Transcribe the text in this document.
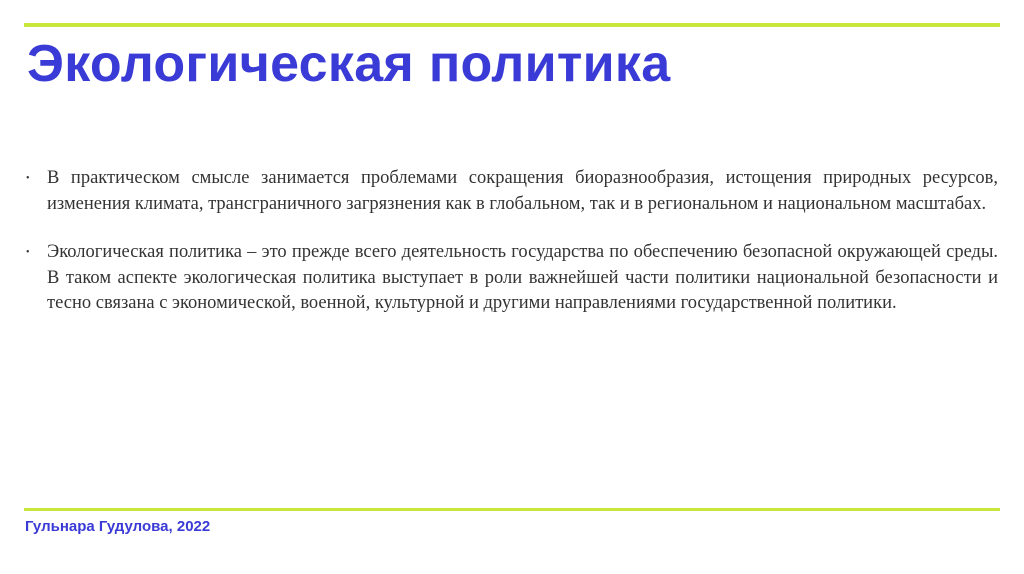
Экологическая политика

• В практическом смысле занимается проблемами сокращения биоразнообразия, истощения природных ресурсов, изменения климата, трансграничного загрязнения как в глобальном, так и в региональном и национальном масштабах.

• Экологическая политика – это прежде всего деятельность государства по обеспечению безопасной окружающей среды. В таком аспекте экологическая политика выступает в роли важнейшей части политики национальной безопасности и тесно связана с экономической, военной, культурной и другими направлениями государственной политики.

Гульнара Гудулова, 2022
